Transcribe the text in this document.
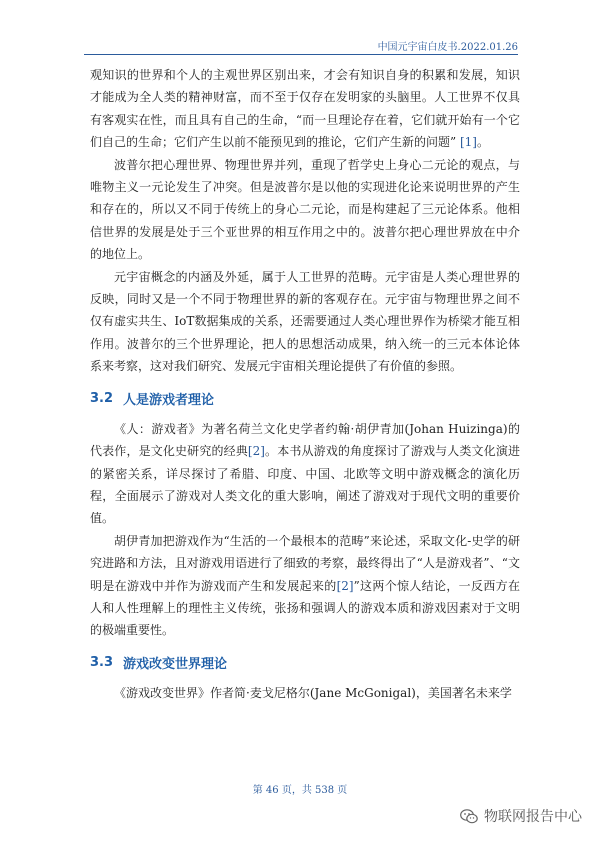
中国元宇宙白皮书.2022.01.26

观知识的世界和个人的主观世界区别出来，才会有知识自身的积累和发展，知识才能成为全人类的精神财富，而不至于仅存在发明家的头脑里。人工世界不仅具有客观实在性，而且具有自己的生命，“而一旦理论存在着，它们就开始有一个它们自己的生命；它们产生以前不能预见到的推论，它们产生新的问题” [1]。

波普尔把心理世界、物理世界并列，重现了哲学史上身心二元论的观点，与唯物主义一元论发生了冲突。但是波普尔是以他的实现进化论来说明世界的产生和存在的，所以又不同于传统上的身心二元论，而是构建起了三元论体系。他相信世界的发展是处于三个亚世界的相互作用之中的。波普尔把心理世界放在中介的地位上。

元宇宙概念的内涵及外延，属于人工世界的范畴。元宇宙是人类心理世界的反映，同时又是一个不同于物理世界的新的客观存在。元宇宙与物理世界之间不仅有虚实共生、IoT数据集成的关系，还需要通过人类心理世界作为桥梁才能互相作用。波普尔的三个世界理论，把人的思想活动成果，纳入统一的三元本体论体系来考察，这对我们研究、发展元宇宙相关理论提供了有价值的参照。

3.2 人是游戏者理论

《人：游戏者》为著名荷兰文化史学者约翰·胡伊青加(Johan Huizinga)的代表作，是文化史研究的经典[2]。本书从游戏的角度探讨了游戏与人类文化演进的紧密关系，详尽探讨了希腊、印度、中国、北欧等文明中游戏概念的演化历程，全面展示了游戏对人类文化的重大影响，阐述了游戏对于现代文明的重要价值。

胡伊青加把游戏作为“生活的一个最根本的范畴”来论述，采取文化-史学的研究进路和方法，且对游戏用语进行了细致的考察，最终得出了“人是游戏者”、“文明是在游戏中并作为游戏而产生和发展起来的[2]”这两个惊人结论，一反西方在人和人性理解上的理性主义传统，张扬和强调人的游戏本质和游戏因素对于文明的极端重要性。

3.3 游戏改变世界理论

《游戏改变世界》作者简·麦戈尼格尔(Jane McGonigal)，美国著名未来学

第 46 页，共 538 页
物联网报告中心
